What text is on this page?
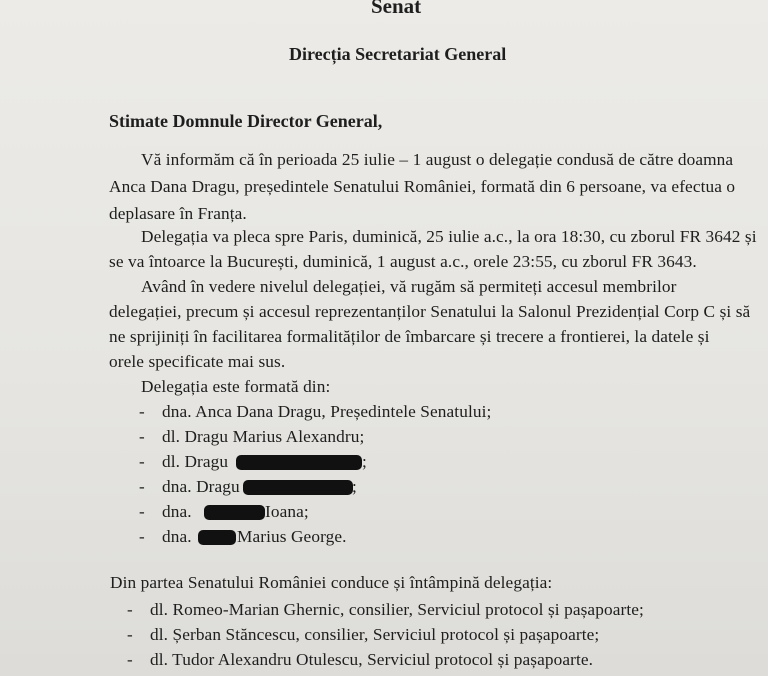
Senat
Direcția Secretariat General
Stimate Domnule Director General,
Vă informăm că în perioada 25 iulie – 1 august o delegație condusă de către doamna
Anca Dana Dragu, președintele Senatului României, formată din 6 persoane, va efectua o
deplasare în Franța.
Delegația va pleca spre Paris, duminică, 25 iulie a.c., la ora 18:30, cu zborul FR 3642 și
se va întoarce la București, duminică, 1 august a.c., orele 23:55, cu zborul FR 3643.
Având în vedere nivelul delegației, vă rugăm să permiteți accesul membrilor
delegației, precum și accesul reprezentanților Senatului la Salonul Prezidențial Corp C și să
ne sprijiniți în facilitarea formalităților de îmbarcare și trecere a frontierei, la datele și
orele specificate mai sus.
Delegația este formată din:
- dna. Anca Dana Dragu, Președintele Senatului;
- dl. Dragu Marius Alexandru;
- dl. Dragu	;
- dna. Dragu	;
- dna.	Ioana;
- dna.	Marius George.
Din partea Senatului României conduce și întâmpină delegația:
- dl. Romeo-Marian Ghernic, consilier, Serviciul protocol și pașapoarte;
- dl. Șerban Stăncescu, consilier, Serviciul protocol și pașapoarte;
- dl. Tudor Alexandru Otulescu, Serviciul protocol și pașapoarte.
